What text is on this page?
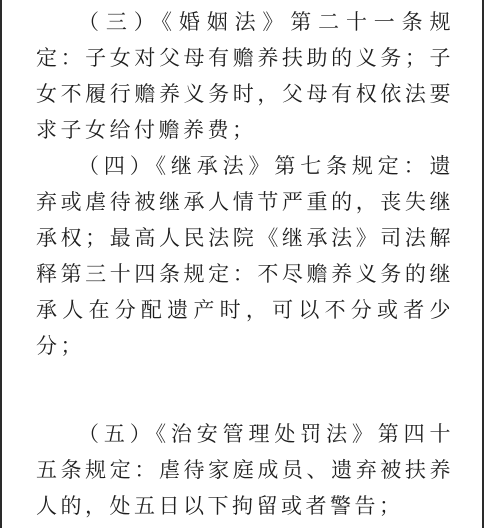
（三）《婚姻法》第二十一条规定：子女对父母有赡养扶助的义务；子女不履行赡养义务时，父母有权依法要求子女给付赡养费；

（四）《继承法》第七条规定：遗弃或虐待被继承人情节严重的，丧失继承权；最高人民法院《继承法》司法解释第三十四条规定：不尽赡养义务的继承人在分配遗产时，可以不分或者少分；

（五）《治安管理处罚法》第四十五条规定：虐待家庭成员、遗弃被扶养人的，处五日以下拘留或者警告；
